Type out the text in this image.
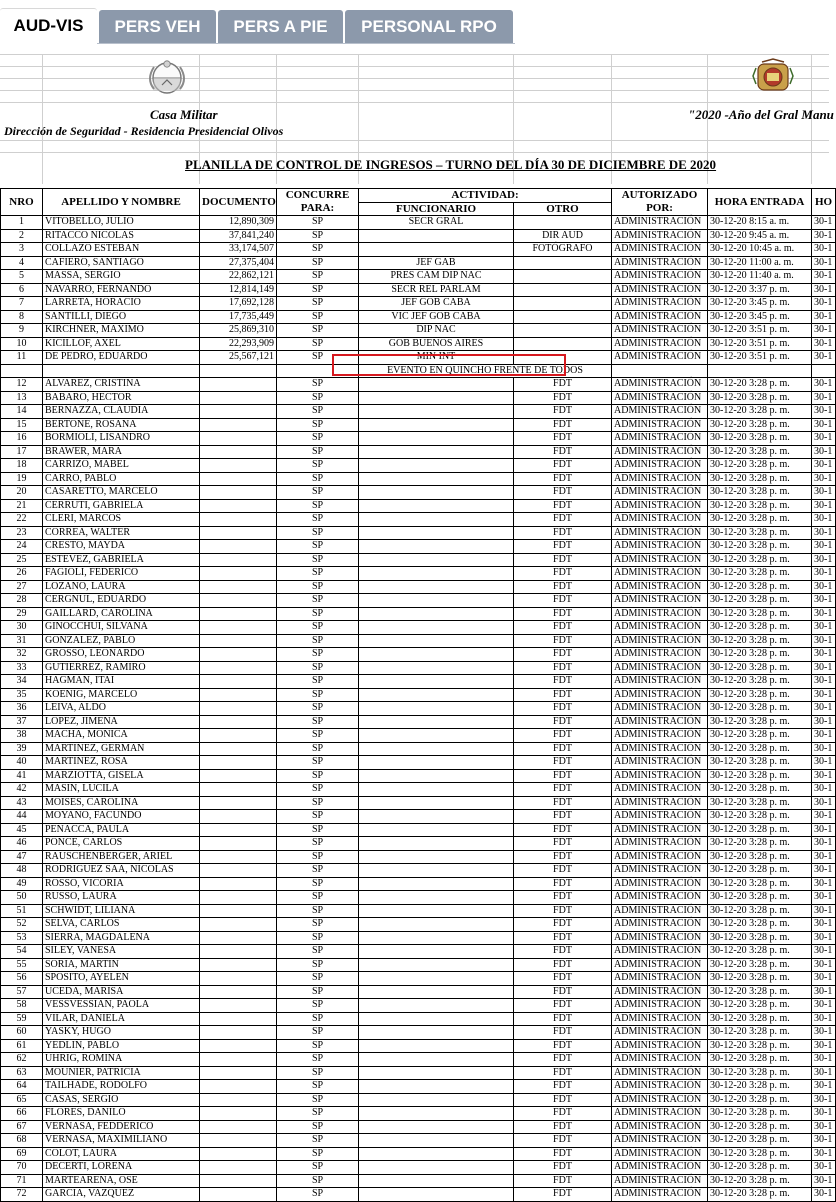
AUD-VIS	PERS VEH	PERS A PIE	PERSONAL RPO
Casa Militar	"2020 -Año del Gral Manu
Dirección de Seguridad - Residencia Presidencial Olivos
PLANILLA DE CONTROL DE INGRESOS – TURNO DEL DÍA 30 DE DICIEMBRE DE 2020
NRO	APELLIDO Y NOMBRE	DOCUMENTO	CONCURRE PARA:	ACTIVIDAD:		AUTORIZADO POR:	HORA ENTRADA	HO
				FUNCIONARIO	OTRO			
1	VITOBELLO, JULIO	12,890,309	SP	SECR GRAL		ADMINISTRACIÓN	30-12-20 8:15 a. m.	30-1
2	RITACCO NICOLAS	37,841,240	SP		DIR AUD	ADMINISTRACIÓN	30-12-20 9:45 a. m.	30-1
3	COLLAZO ESTEBAN	33,174,507	SP		FOTÓGRAFO	ADMINISTRACIÓN	30-12-20 10:45 a. m.	30-1
4	CAFIERO, SANTIAGO	27,375,404	SP	JEF GAB		ADMINISTRACIÓN	30-12-20 11:00 a. m.	30-1
5	MASSA, SERGIO	22,862,121	SP	PRES CAM DIP NAC		ADMINISTRACIÓN	30-12-20 11:40 a. m.	30-1
6	NAVARRO, FERNANDO	12,814,149	SP	SECR REL PARLAM		ADMINISTRACIÓN	30-12-20 3:37 p. m.	30-1
7	LARRETA, HORACIO	17,692,128	SP	JEF GOB CABA		ADMINISTRACIÓN	30-12-20 3:45 p. m.	30-1
8	SANTILLI, DIEGO	17,735,449	SP	VIC JEF GOB CABA		ADMINISTRACIÓN	30-12-20 3:45 p. m.	30-1
9	KIRCHNER, MAXIMO	25,869,310	SP	DIP NAC		ADMINISTRACIÓN	30-12-20 3:51 p. m.	30-1
10	KICILLOF, AXEL	22,293,909	SP	GOB BUENOS AIRES		ADMINISTRACIÓN	30-12-20 3:51 p. m.	30-1
11	DE PEDRO, EDUARDO	25,567,121	SP	MIN INT		ADMINISTRACIÓN	30-12-20 3:51 p. m.	30-1
				EVENTO EN QUINCHO FRENTE DE TODOS				
12	ALVAREZ, CRISTINA		SP		FDT	ADMINISTRACIÓN	30-12-20 3:28 p. m.	30-1
13	BABARO, HECTOR		SP		FDT	ADMINISTRACIÓN	30-12-20 3:28 p. m.	30-1
14	BERNAZZA, CLAUDIA		SP		FDT	ADMINISTRACIÓN	30-12-20 3:28 p. m.	30-1
15	BERTONE, ROSANA		SP		FDT	ADMINISTRACIÓN	30-12-20 3:28 p. m.	30-1
16	BORMIOLI, LISANDRO		SP		FDT	ADMINISTRACIÓN	30-12-20 3:28 p. m.	30-1
17	BRAWER, MARA		SP		FDT	ADMINISTRACIÓN	30-12-20 3:28 p. m.	30-1
18	CARRIZO, MABEL		SP		FDT	ADMINISTRACIÓN	30-12-20 3:28 p. m.	30-1
19	CARRO, PABLO		SP		FDT	ADMINISTRACIÓN	30-12-20 3:28 p. m.	30-1
20	CASARETTO, MARCELO		SP		FDT	ADMINISTRACIÓN	30-12-20 3:28 p. m.	30-1
21	CERRUTI, GABRIELA		SP		FDT	ADMINISTRACIÓN	30-12-20 3:28 p. m.	30-1
22	CLERI, MARCOS		SP		FDT	ADMINISTRACIÓN	30-12-20 3:28 p. m.	30-1
23	CORREA, WALTER		SP		FDT	ADMINISTRACIÓN	30-12-20 3:28 p. m.	30-1
24	CRESTO, MAYDA		SP		FDT	ADMINISTRACIÓN	30-12-20 3:28 p. m.	30-1
25	ESTEVEZ, GABRIELA		SP		FDT	ADMINISTRACIÓN	30-12-20 3:28 p. m.	30-1
26	FAGIOLI, FEDERICO		SP		FDT	ADMINISTRACIÓN	30-12-20 3:28 p. m.	30-1
27	LOZANO, LAURA		SP		FDT	ADMINISTRACIÓN	30-12-20 3:28 p. m.	30-1
28	CERGNUL, EDUARDO		SP		FDT	ADMINISTRACIÓN	30-12-20 3:28 p. m.	30-1
29	GAILLARD, CAROLINA		SP		FDT	ADMINISTRACIÓN	30-12-20 3:28 p. m.	30-1
30	GINOCCHUI, SILVANA		SP		FDT	ADMINISTRACIÓN	30-12-20 3:28 p. m.	30-1
31	GONZALEZ, PABLO		SP		FDT	ADMINISTRACIÓN	30-12-20 3:28 p. m.	30-1
32	GROSSO, LEONARDO		SP		FDT	ADMINISTRACIÓN	30-12-20 3:28 p. m.	30-1
33	GUTIERREZ, RAMIRO		SP		FDT	ADMINISTRACIÓN	30-12-20 3:28 p. m.	30-1
34	HAGMAN, ITAI		SP		FDT	ADMINISTRACIÓN	30-12-20 3:28 p. m.	30-1
35	KOENIG, MARCELO		SP		FDT	ADMINISTRACIÓN	30-12-20 3:28 p. m.	30-1
36	LEIVA, ALDO		SP		FDT	ADMINISTRACIÓN	30-12-20 3:28 p. m.	30-1
37	LOPEZ, JIMENA		SP		FDT	ADMINISTRACIÓN	30-12-20 3:28 p. m.	30-1
38	MACHA, MONICA		SP		FDT	ADMINISTRACIÓN	30-12-20 3:28 p. m.	30-1
39	MARTINEZ, GERMAN		SP		FDT	ADMINISTRACIÓN	30-12-20 3:28 p. m.	30-1
40	MARTINEZ, ROSA		SP		FDT	ADMINISTRACIÓN	30-12-20 3:28 p. m.	30-1
41	MARZIOTTA, GISELA		SP		FDT	ADMINISTRACIÓN	30-12-20 3:28 p. m.	30-1
42	MASIN, LUCILA		SP		FDT	ADMINISTRACIÓN	30-12-20 3:28 p. m.	30-1
43	MOISES, CAROLINA		SP		FDT	ADMINISTRACIÓN	30-12-20 3:28 p. m.	30-1
44	MOYANO, FACUNDO		SP		FDT	ADMINISTRACIÓN	30-12-20 3:28 p. m.	30-1
45	PENACCA, PAULA		SP		FDT	ADMINISTRACIÓN	30-12-20 3:28 p. m.	30-1
46	PONCE, CARLOS		SP		FDT	ADMINISTRACIÓN	30-12-20 3:28 p. m.	30-1
47	RAUSCHENBERGER, ARIEL		SP		FDT	ADMINISTRACIÓN	30-12-20 3:28 p. m.	30-1
48	RODRIGUEZ SAA, NICOLAS		SP		FDT	ADMINISTRACIÓN	30-12-20 3:28 p. m.	30-1
49	ROSSO, VICORIA		SP		FDT	ADMINISTRACIÓN	30-12-20 3:28 p. m.	30-1
50	RUSSO, LAURA		SP		FDT	ADMINISTRACIÓN	30-12-20 3:28 p. m.	30-1
51	SCHWIDT, LILIANA		SP		FDT	ADMINISTRACIÓN	30-12-20 3:28 p. m.	30-1
52	SELVA, CARLOS		SP		FDT	ADMINISTRACIÓN	30-12-20 3:28 p. m.	30-1
53	SIERRA, MAGDALENA		SP		FDT	ADMINISTRACIÓN	30-12-20 3:28 p. m.	30-1
54	SILEY, VANESA		SP		FDT	ADMINISTRACIÓN	30-12-20 3:28 p. m.	30-1
55	SORIA, MARTIN		SP		FDT	ADMINISTRACIÓN	30-12-20 3:28 p. m.	30-1
56	SPOSITO, AYELEN		SP		FDT	ADMINISTRACIÓN	30-12-20 3:28 p. m.	30-1
57	UCEDA, MARISA		SP		FDT	ADMINISTRACIÓN	30-12-20 3:28 p. m.	30-1
58	VESSVESSIAN, PAOLA		SP		FDT	ADMINISTRACIÓN	30-12-20 3:28 p. m.	30-1
59	VILAR, DANIELA		SP		FDT	ADMINISTRACIÓN	30-12-20 3:28 p. m.	30-1
60	YASKY, HUGO		SP		FDT	ADMINISTRACIÓN	30-12-20 3:28 p. m.	30-1
61	YEDLIN, PABLO		SP		FDT	ADMINISTRACIÓN	30-12-20 3:28 p. m.	30-1
62	UHRIG, ROMINA		SP		FDT	ADMINISTRACIÓN	30-12-20 3:28 p. m.	30-1
63	MOUNIER, PATRICIA		SP		FDT	ADMINISTRACIÓN	30-12-20 3:28 p. m.	30-1
64	TAILHADE, RODOLFO		SP		FDT	ADMINISTRACIÓN	30-12-20 3:28 p. m.	30-1
65	CASAS, SERGIO		SP		FDT	ADMINISTRACIÓN	30-12-20 3:28 p. m.	30-1
66	FLORES, DANILO		SP		FDT	ADMINISTRACIÓN	30-12-20 3:28 p. m.	30-1
67	VERNASA, FEDDERICO		SP		FDT	ADMINISTRACIÓN	30-12-20 3:28 p. m.	30-1
68	VERNASA, MAXIMILIANO		SP		FDT	ADMINISTRACIÓN	30-12-20 3:28 p. m.	30-1
69	COLOT, LAURA		SP		FDT	ADMINISTRACIÓN	30-12-20 3:28 p. m.	30-1
70	DECERTI, LORENA		SP		FDT	ADMINISTRACIÓN	30-12-20 3:28 p. m.	30-1
71	MARTEARENA, OSE		SP		FDT	ADMINISTRACIÓN	30-12-20 3:28 p. m.	30-1
72	GARCIA, VAZQUEZ		SP		FDT	ADMINISTRACIÓN	30-12-20 3:28 p. m.	30-1
